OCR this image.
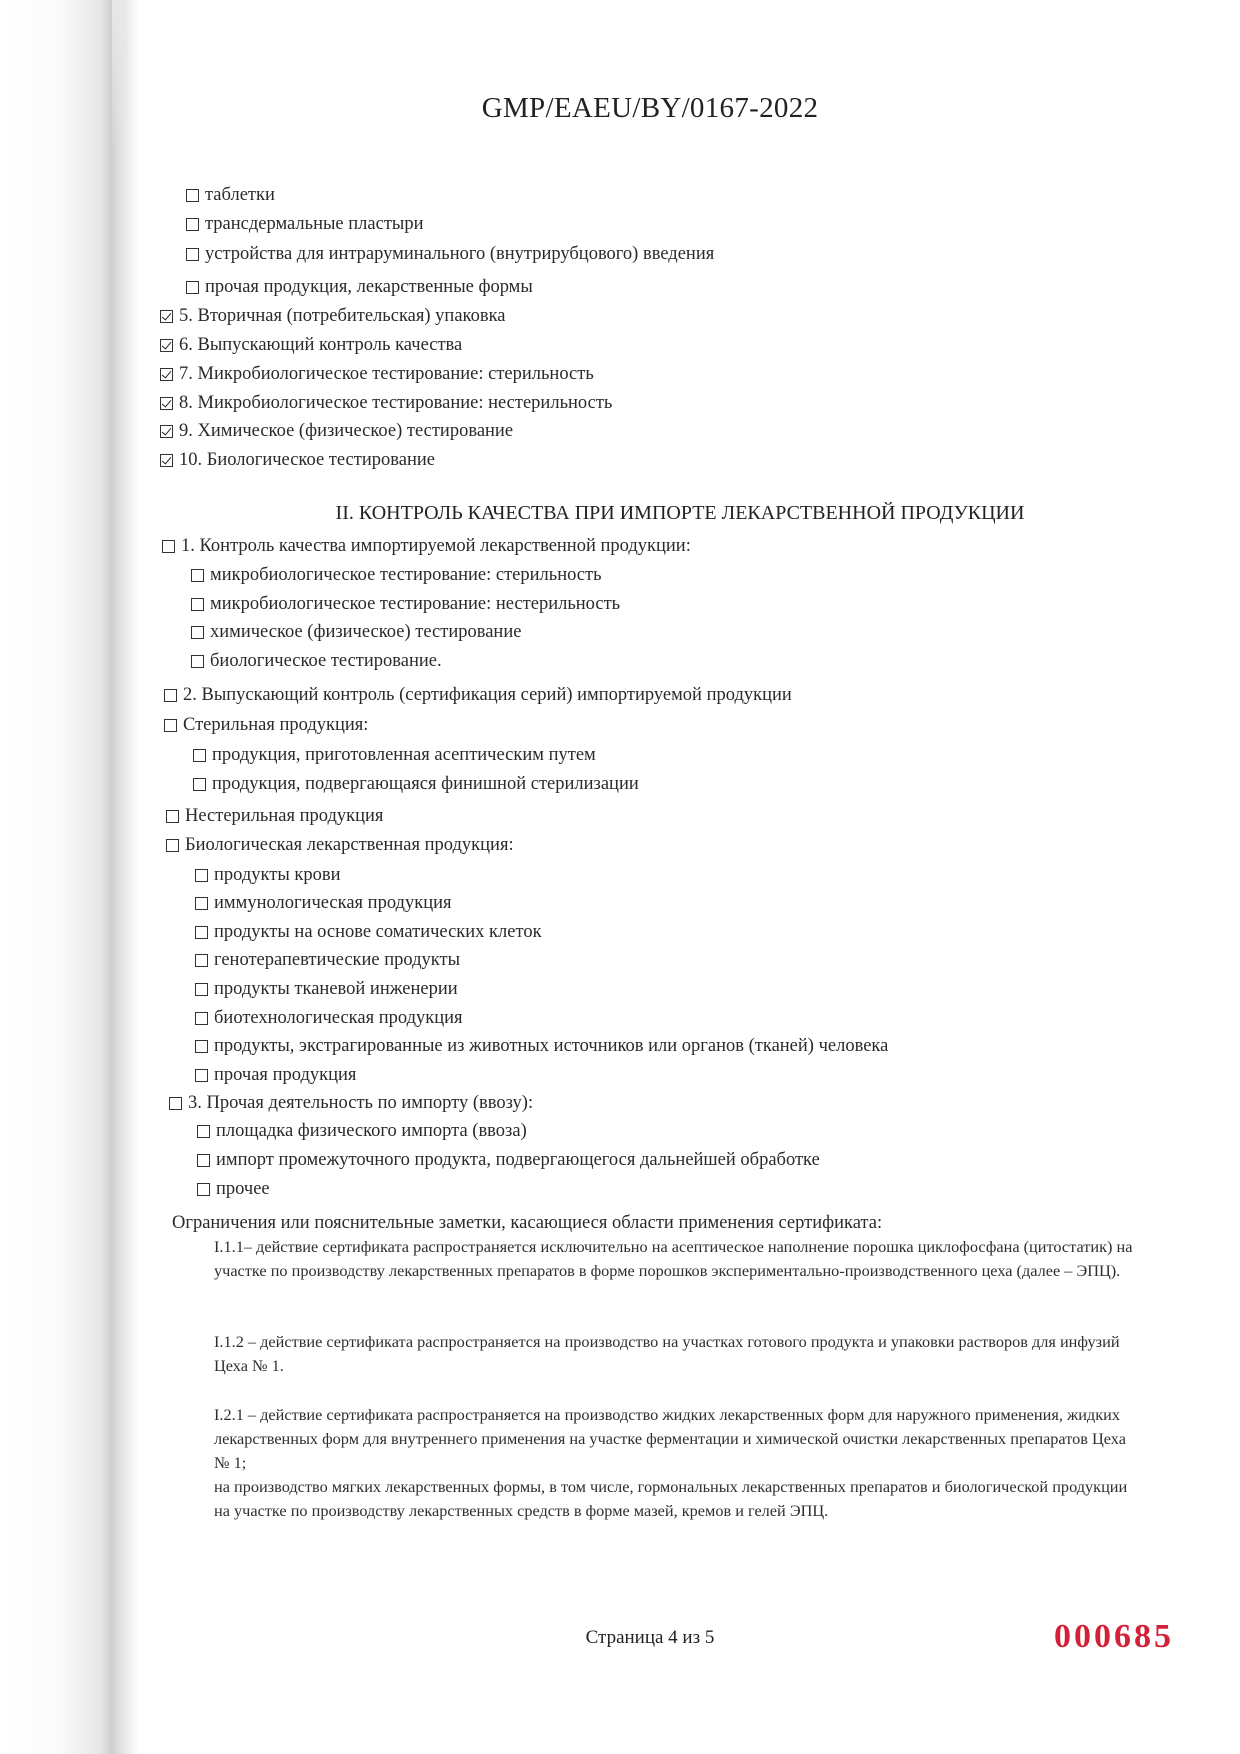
GMP/EAEU/BY/0167-2022
таблетки
трансдермальные пластыри
устройства для интраруминального (внутрирубцового) введения
прочая продукция, лекарственные формы
5. Вторичная (потребительская) упаковка
6. Выпускающий контроль качества
7. Микробиологическое тестирование: стерильность
8. Микробиологическое тестирование: нестерильность
9. Химическое (физическое) тестирование
10. Биологическое тестирование
II. КОНТРОЛЬ КАЧЕСТВА ПРИ ИМПОРТЕ ЛЕКАРСТВЕННОЙ ПРОДУКЦИИ
1. Контроль качества импортируемой лекарственной продукции:
микробиологическое тестирование: стерильность
микробиологическое тестирование: нестерильность
химическое (физическое) тестирование
биологическое тестирование.
2. Выпускающий контроль (сертификация серий) импортируемой продукции
Стерильная продукция:
продукция, приготовленная асептическим путем
продукция, подвергающаяся финишной стерилизации
Нестерильная продукция
Биологическая лекарственная продукция:
продукты крови
иммунологическая продукция
продукты на основе соматических клеток
генотерапевтические продукты
продукты тканевой инженерии
биотехнологическая продукция
продукты, экстрагированные из животных источников или органов (тканей) человека
прочая продукция
3. Прочая деятельность по импорту (ввозу):
площадка физического импорта (ввоза)
импорт промежуточного продукта, подвергающегося дальнейшей обработке
прочее
Ограничения или пояснительные заметки, касающиеся области применения сертификата:
I.1.1– действие сертификата распространяется исключительно на асептическое наполнение порошка циклофосфана (цитостатик) на участке по производству лекарственных препаратов в форме порошков экспериментально-производственного цеха (далее – ЭПЦ).
I.1.2 – действие сертификата распространяется на производство на участках готового продукта и упаковки растворов для инфузий Цеха № 1.
I.2.1 – действие сертификата распространяется на производство жидких лекарственных форм для наружного применения, жидких лекарственных форм для внутреннего применения на участке ферментации и химической очистки лекарственных препаратов Цеха № 1;
на производство мягких лекарственных формы, в том числе, гормональных лекарственных препаратов и биологической продукции на участке по производству лекарственных средств в форме мазей, кремов и гелей ЭПЦ.
Страница 4 из 5	000685
